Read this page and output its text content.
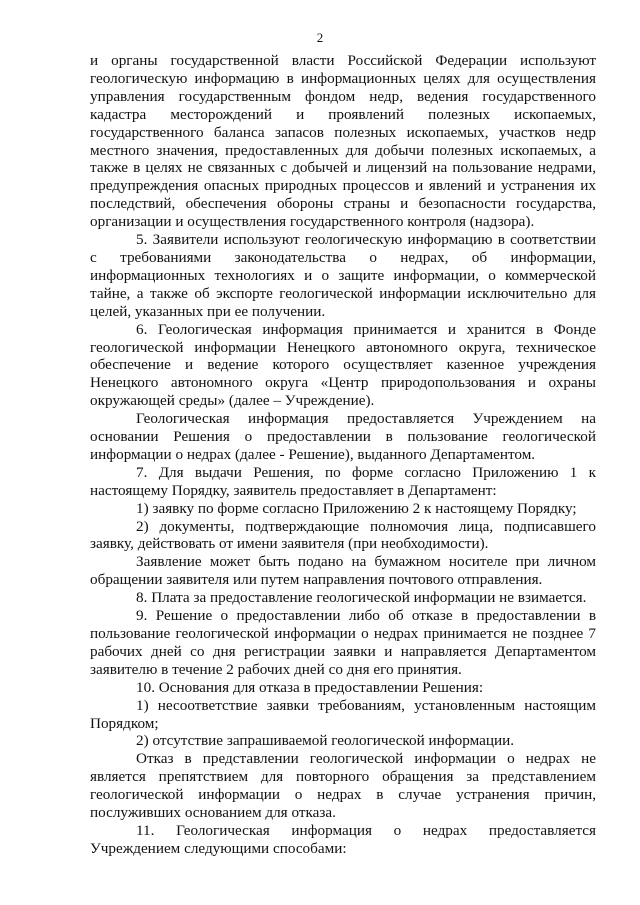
2

и органы государственной власти Российской Федерации используют геологическую информацию в информационных целях для осуществления управления государственным фондом недр, ведения государственного кадастра месторождений и проявлений полезных ископаемых, государственного баланса запасов полезных ископаемых, участков недр местного значения, предоставленных для добычи полезных ископаемых, а также в целях не связанных с добычей и лицензий на пользование недрами, предупреждения опасных природных процессов и явлений и устранения их последствий, обеспечения обороны страны и безопасности государства, организации и осуществления государственного контроля (надзора).

5. Заявители используют геологическую информацию в соответствии с требованиями законодательства о недрах, об информации, информационных технологиях и о защите информации, о коммерческой тайне, а также об экспорте геологической информации исключительно для целей, указанных при ее получении.

6. Геологическая информация принимается и хранится в Фонде геологической информации Ненецкого автономного округа, техническое обеспечение и ведение которого осуществляет казенное учреждения Ненецкого автономного округа «Центр природопользования и охраны окружающей среды» (далее – Учреждение).

Геологическая информация предоставляется Учреждением на основании Решения о предоставлении в пользование геологической информации о недрах (далее - Решение), выданного Департаментом.

7. Для выдачи Решения, по форме согласно Приложению 1 к настоящему Порядку, заявитель предоставляет в Департамент:

1) заявку по форме согласно Приложению 2 к настоящему Порядку;

2) документы, подтверждающие полномочия лица, подписавшего заявку, действовать от имени заявителя (при необходимости).

Заявление может быть подано на бумажном носителе при личном обращении заявителя или путем направления почтового отправления.

8. Плата за предоставление геологической информации не взимается.

9. Решение о предоставлении либо об отказе в предоставлении в пользование геологической информации о недрах принимается не позднее 7 рабочих дней со дня регистрации заявки и направляется Департаментом заявителю в течение 2 рабочих дней со дня его принятия.

10. Основания для отказа в предоставлении Решения:

1) несоответствие заявки требованиям, установленным настоящим Порядком;

2) отсутствие запрашиваемой геологической информации.

Отказ в представлении геологической информации о недрах не является препятствием для повторного обращения за представлением геологической информации о недрах в случае устранения причин, послуживших основанием для отказа.

11. Геологическая информация о недрах предоставляется Учреждением следующими способами:
